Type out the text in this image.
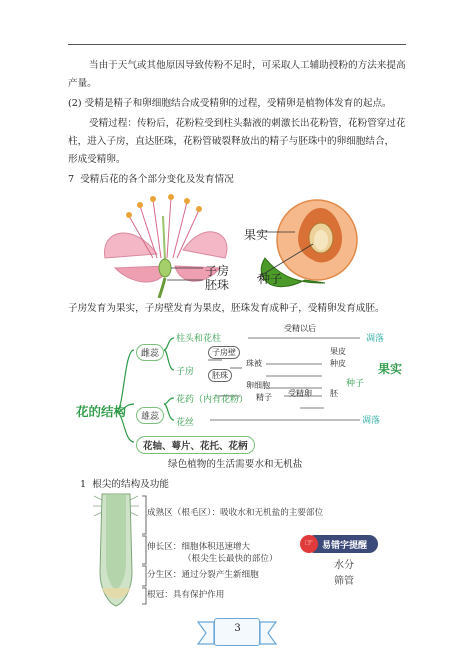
当由于天气或其他原因导致传粉不足时，可采取人工辅助授粉的方法来提高
产量。
(2) 受精是精子和卵细胞结合成受精卵的过程，受精卵是植物体发育的起点。
受精过程：传粉后，花粉粒受到柱头黏液的刺激长出花粉管，花粉管穿过花
柱，进入子房，直达胚珠，花粉管破裂释放出的精子与胚珠中的卵细胞结合，
形成受精卵。
7 受精后花的各个部分变化及发育情况
果实
子房
胚珠 种子
子房发育为果实，子房壁发育为果皮，胚珠发育成种子，受精卵发育成胚。
花的结构
雌蕊
雄蕊
柱头和花柱
受精以后
凋落
子房
子房壁
胚珠
珠被
卵细胞
果皮
种皮
受精卵 胚
种子
果实
花药（内有花粉） 精子
花丝	凋落
花轴、萼片、花托、花柄
绿色植物的生活需要水和无机盐
1 根尖的结构及功能
成熟区（根毛区）：吸收水和无机盐的主要部位
伸长区：细胞体积迅速增大
（根尖生长最快的部位）
分生区：通过分裂产生新细胞
根冠：具有保护作用
☞ 易错字提醒
水分
筛管
3
